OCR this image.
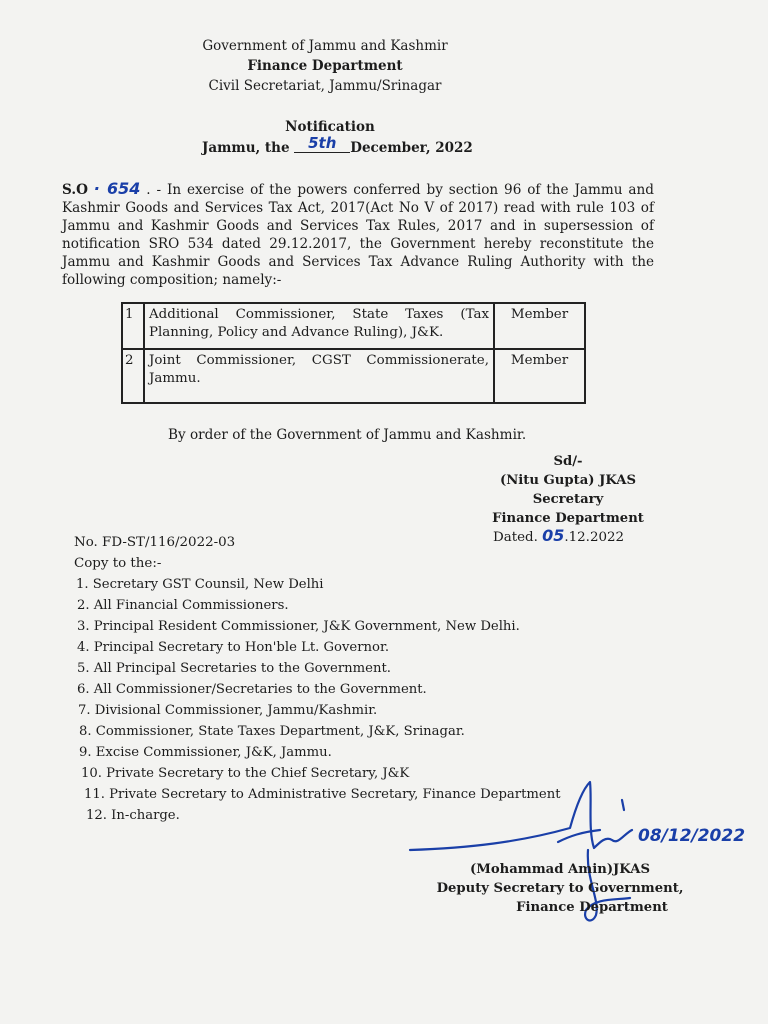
Government of Jammu and Kashmir
Finance Department
Civil Secretariat, Jammu/Srinagar
Notification
Jammu, the 5th December, 2022
S.O · 654 . - In exercise of the powers conferred by section 96 of the Jammu and Kashmir Goods and Services Tax Act, 2017(Act No V of 2017) read with rule 103 of Jammu and Kashmir Goods and Services Tax Rules, 2017 and in supersession of notification SRO 534 dated 29.12.2017, the Government hereby reconstitute the Jammu and Kashmir Goods and Services Tax Advance Ruling Authority with the following composition; namely:-
1	Additional Commissioner, State Taxes (Tax Planning, Policy and Advance Ruling), J&K.	Member
2	Joint Commissioner, CGST Commissionerate, Jammu.	Member
By order of the Government of Jammu and Kashmir.
Sd/-
(Nitu Gupta) JKAS
Secretary
Finance Department
Dated. 05.12.2022
No. FD-ST/116/2022-03
Copy to the:-
1. Secretary GST Counsil, New Delhi
2. All Financial Commissioners.
3. Principal Resident Commissioner, J&K Government, New Delhi.
4. Principal Secretary to Hon'ble Lt. Governor.
5. All Principal Secretaries to the Government.
6. All Commissioner/Secretaries to the Government.
7. Divisional Commissioner, Jammu/Kashmir.
8. Commissioner, State Taxes Department, J&K, Srinagar.
9. Excise Commissioner, J&K, Jammu.
10. Private Secretary to the Chief Secretary, J&K
11. Private Secretary to Administrative Secretary, Finance Department
12. In-charge.
08/12/2022
(Mohammad Amin)JKAS
Deputy Secretary to Government,
Finance Department
